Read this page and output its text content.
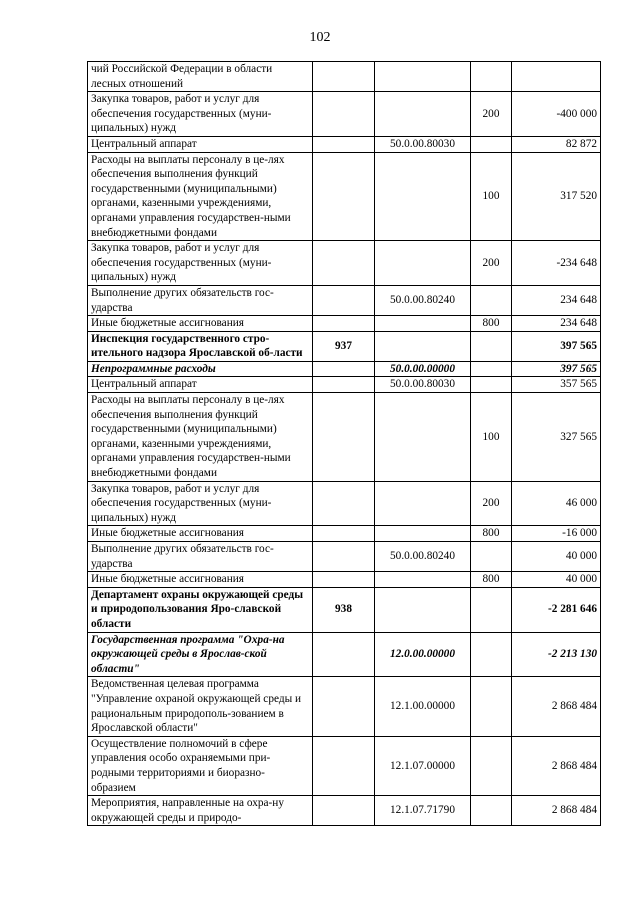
102
чий Российской Федерации в области лесных отношений				
Закупка товаров, работ и услуг для обеспечения государственных (муни-ципальных) нужд			200	-400 000
Центральный аппарат		50.0.00.80030		82 872
Расходы на выплаты персоналу в це-лях обеспечения выполнения функций государственными (муниципальными) органами, казенными учреждениями, органами управления государствен-ными внебюджетными фондами			100	317 520
Закупка товаров, работ и услуг для обеспечения государственных (муни-ципальных) нужд			200	-234 648
Выполнение других обязательств гос-ударства		50.0.00.80240		234 648
Иные бюджетные ассигнования			800	234 648
Инспекция государственного стро-ительного надзора Ярославской об-ласти	937			397 565
Непрограммные расходы		50.0.00.00000		397 565
Центральный аппарат		50.0.00.80030		357 565
Расходы на выплаты персоналу в це-лях обеспечения выполнения функций государственными (муниципальными) органами, казенными учреждениями, органами управления государствен-ными внебюджетными фондами			100	327 565
Закупка товаров, работ и услуг для обеспечения государственных (муни-ципальных) нужд			200	46 000
Иные бюджетные ассигнования			800	-16 000
Выполнение других обязательств гос-ударства		50.0.00.80240		40 000
Иные бюджетные ассигнования			800	40 000
Департамент охраны окружающей среды и природопользования Яро-славской области	938			-2 281 646
Государственная программа "Охра-на окружающей среды в Ярослав-ской области"		12.0.00.00000		-2 213 130
Ведомственная целевая программа "Управление охраной окружающей среды и рациональным природополь-зованием в Ярославской области"		12.1.00.00000		2 868 484
Осуществление полномочий в сфере управления особо охраняемыми при-родными территориями и биоразно-образием		12.1.07.00000		2 868 484
Мероприятия, направленные на охра-ну окружающей среды и природо-		12.1.07.71790		2 868 484
